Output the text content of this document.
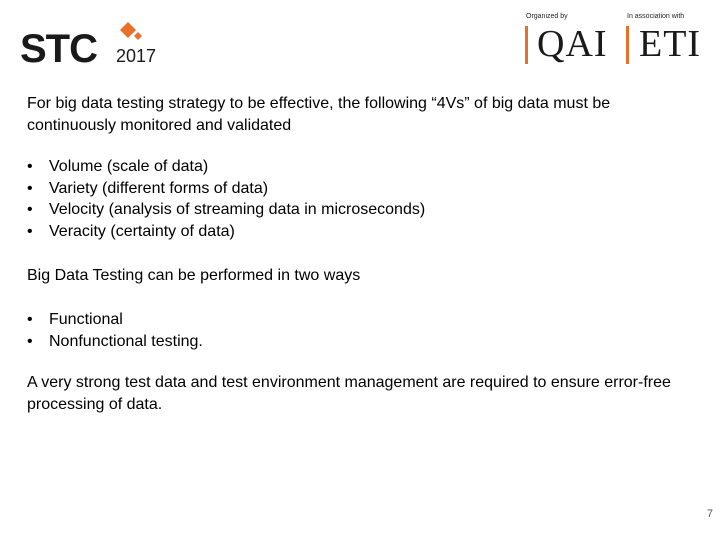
STC 2017
Organized by	In association with
QAI ETI

For big data testing strategy to be effective, the following “4Vs” of big data must be continuously monitored and validated

• Volume (scale of data)
• Variety (different forms of data)
• Velocity (analysis of streaming data in microseconds)
• Veracity (certainty of data)

Big Data Testing can be performed in two ways

• Functional
• Nonfunctional testing.

A very strong test data and test environment management are required to ensure error-free processing of data.

7
